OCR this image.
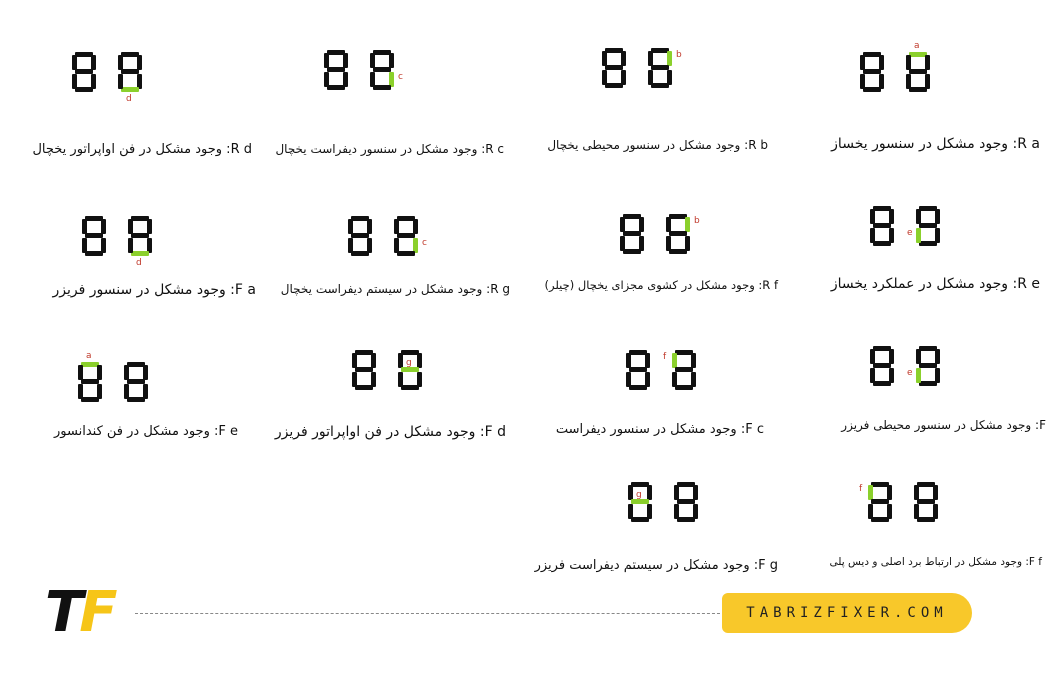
a
R a: وجود مشکل در سنسور یخساز
b
R b: وجود مشکل در سنسور محیطی یخچال
c
R c: وجود مشکل در سنسور دیفراست یخچال
d
R d: وجود مشکل در فن اواپراتور یخچال
e
R e: وجود مشکل در عملکرد یخساز
b
R f: وجود مشکل در کشوی مجزای یخچال (چیلر)
c
R g: وجود مشکل در سیستم دیفراست یخچال
d
F a: وجود مشکل در سنسور فریزر
e
F: وجود مشکل در سنسور محیطی فریزر
f
F c: وجود مشکل در سنسور دیفراست
g
F d: وجود مشکل در فن اواپراتور فریزر
a
F e: وجود مشکل در فن کندانسور
f
F f: وجود مشکل در ارتباط برد اصلی و دیس پلی
g
F g: وجود مشکل در سیستم دیفراست فریزر
TF	TABRIZFIXER.COM
